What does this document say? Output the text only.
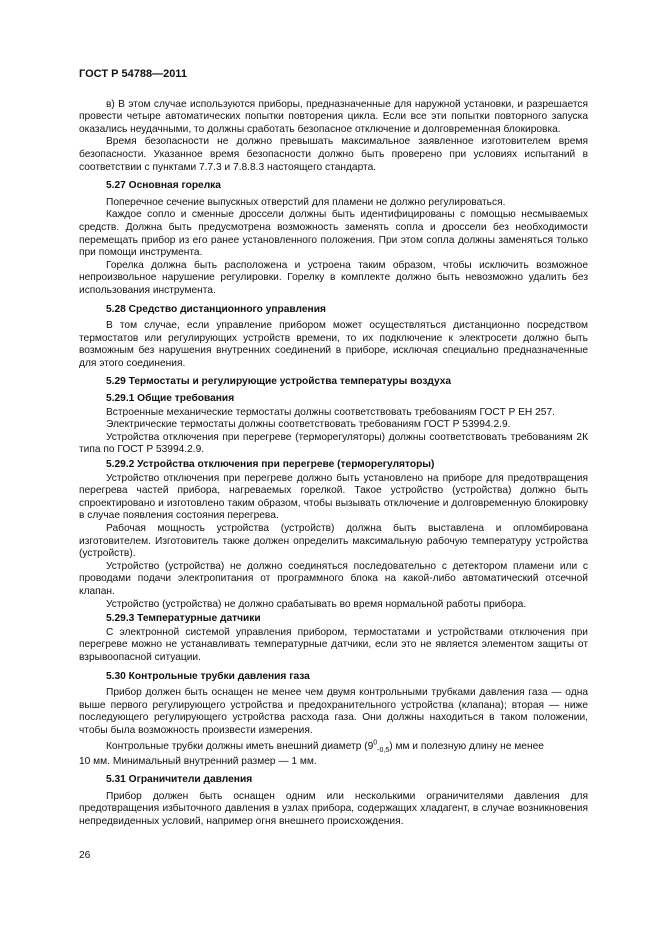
ГОСТ Р 54788—2011

в) В этом случае используются приборы, предназначенные для наружной установки, и разрешается провести четыре автоматических попытки повторения цикла. Если все эти попытки повторного запуска оказались неудачными, то должны сработать безопасное отключение и долговременная блокировка.

Время безопасности не должно превышать максимальное заявленное изготовителем время безопасности. Указанное время безопасности должно быть проверено при условиях испытаний в соответствии с пунктами 7.7.3 и 7.8.8.3 настоящего стандарта.

5.27 Основная горелка

Поперечное сечение выпускных отверстий для пламени не должно регулироваться.

Каждое сопло и сменные дроссели должны быть идентифицированы с помощью несмываемых средств. Должна быть предусмотрена возможность заменять сопла и дроссели без необходимости перемещать прибор из его ранее установленного положения. При этом сопла должны заменяться только при помощи инструмента.

Горелка должна быть расположена и устроена таким образом, чтобы исключить возможное непроизвольное нарушение регулировки. Горелку в комплекте должно быть невозможно удалить без использования инструмента.

5.28 Средство дистанционного управления

В том случае, если управление прибором может осуществляться дистанционно посредством термостатов или регулирующих устройств времени, то их подключение к электросети должно быть возможным без нарушения внутренних соединений в приборе, исключая специально предназначенные для этого соединения.

5.29 Термостаты и регулирующие устройства температуры воздуха
5.29.1 Общие требования

Встроенные механические термостаты должны соответствовать требованиям ГОСТ Р ЕН 257.

Электрические термостаты должны соответствовать требованиям ГОСТ Р 53994.2.9.

Устройства отключения при перегреве (терморегуляторы) должны соответствовать требованиям 2К типа по ГОСТ Р 53994.2.9.

5.29.2 Устройства отключения при перегреве (терморегуляторы)

Устройство отключения при перегреве должно быть установлено на приборе для предотвращения перегрева частей прибора, нагреваемых горелкой. Такое устройство (устройства) должно быть спроектировано и изготовлено таким образом, чтобы вызывать отключение и долговременную блокировку в случае появления состояния перегрева.

Рабочая мощность устройства (устройств) должна быть выставлена и опломбирована изготовителем. Изготовитель также должен определить максимальную рабочую температуру устройства (устройств).

Устройство (устройства) не должно соединяться последовательно с детектором пламени или с проводами подачи электропитания от программного блока на какой-либо автоматический отсечной клапан.

Устройство (устройства) не должно срабатывать во время нормальной работы прибора.

5.29.3 Температурные датчики

С электронной системой управления прибором, термостатами и устройствами отключения при перегреве можно не устанавливать температурные датчики, если это не является элементом защиты от взрывоопасной ситуации.

5.30 Контрольные трубки давления газа

Прибор должен быть оснащен не менее чем двумя контрольными трубками давления газа — одна выше первого регулирующего устройства и предохранительного устройства (клапана); вторая — ниже последующего регулирующего устройства расхода газа. Они должны находиться в таком положении, чтобы была возможность произвести измерения.

Контрольные трубки должны иметь внешний диаметр $(9^0_{-0,5})$ мм и полезную длину не менее

10 мм. Минимальный внутренний размер — 1 мм.
5.31 Ограничители давления

Прибор должен быть оснащен одним или несколькими ограничителями давления для предотвращения избыточного давления в узлах прибора, содержащих хладагент, в случае возникновения непредвиденных условий, например огня внешнего происхождения.

26
